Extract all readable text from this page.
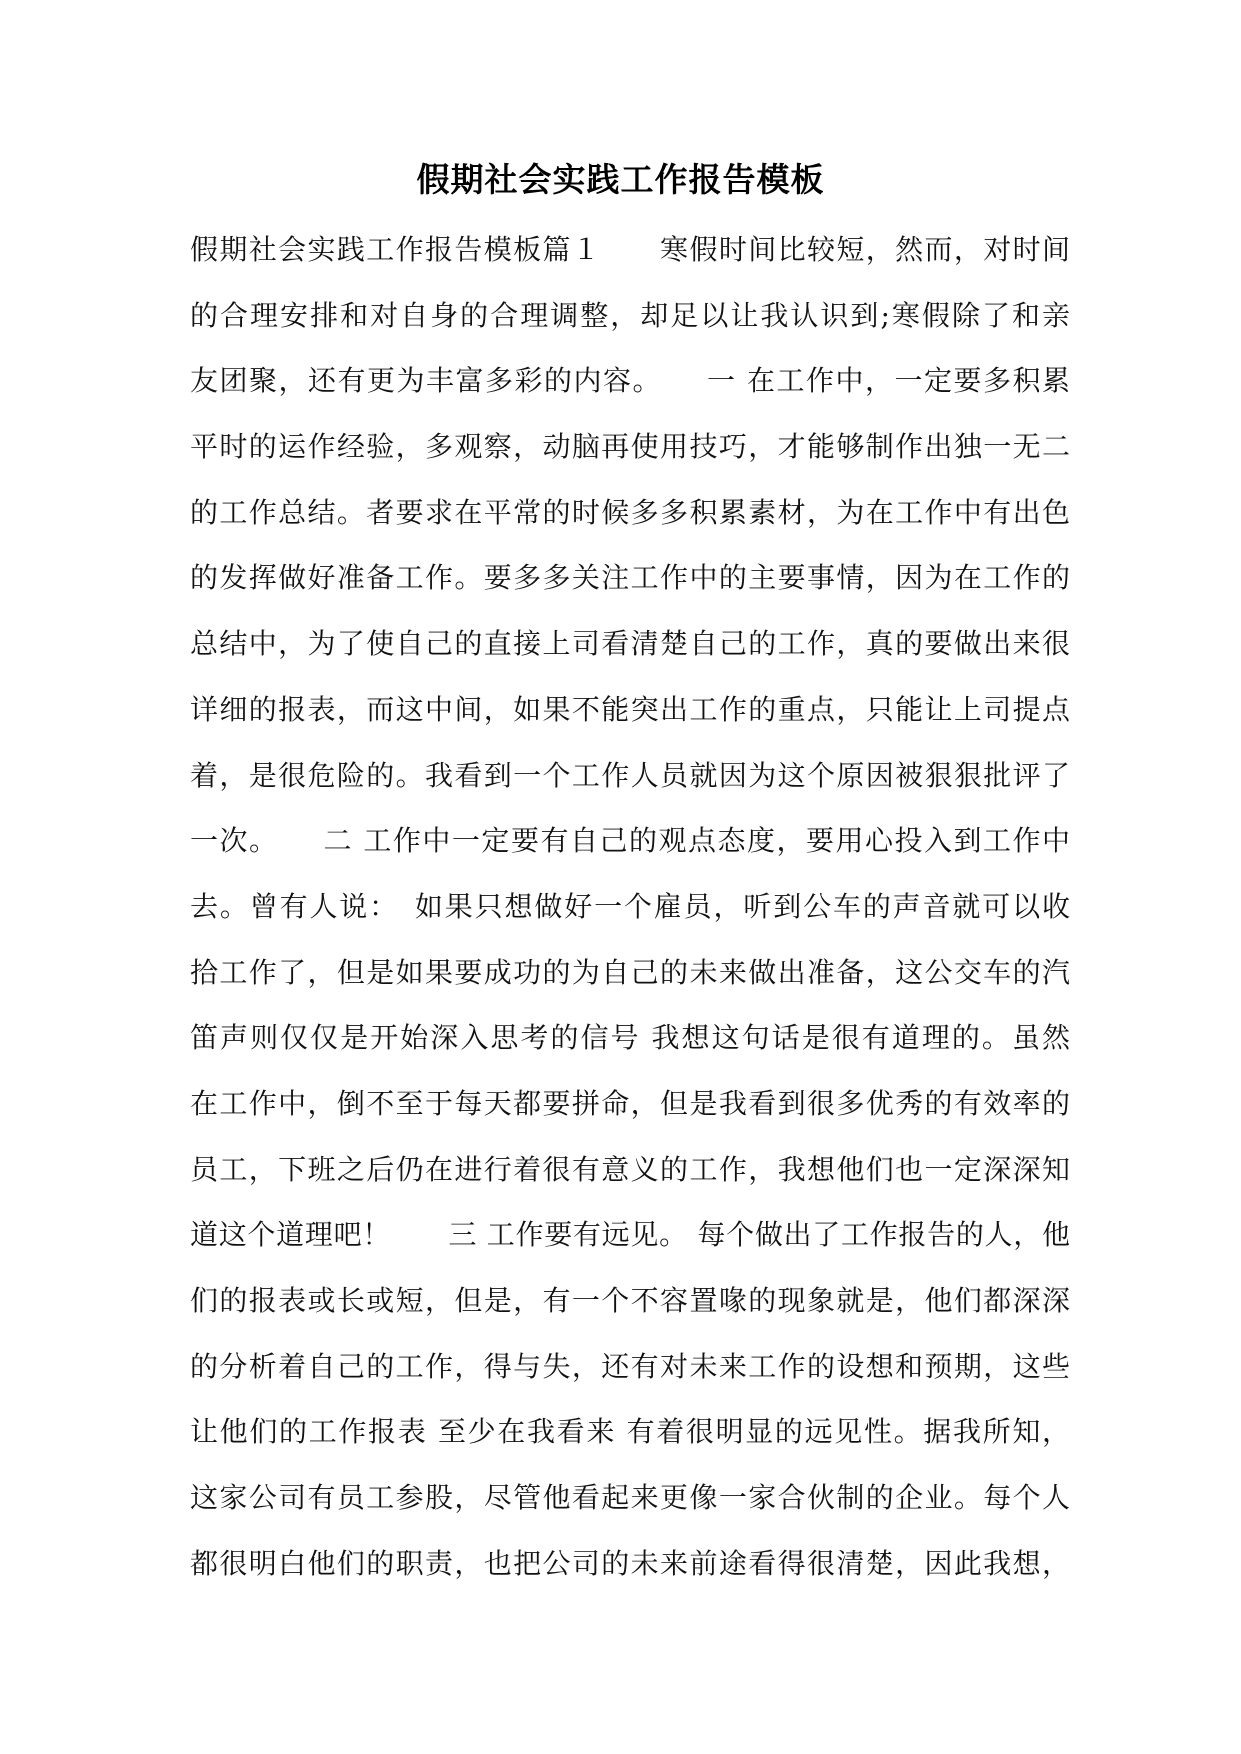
假期社会实践工作报告模板
假期社会实践工作报告模板篇１　　寒假时间比较短，然而，对时间
的合理安排和对自身的合理调整，却足以让我认识到;寒假除了和亲
友团聚，还有更为丰富多彩的内容。　　一 在工作中，一定要多积累
平时的运作经验，多观察，动脑再使用技巧，才能够制作出独一无二
的工作总结。者要求在平常的时候多多积累素材，为在工作中有出色
的发挥做好准备工作。要多多关注工作中的主要事情，因为在工作的
总结中，为了使自己的直接上司看清楚自己的工作，真的要做出来很
详细的报表，而这中间，如果不能突出工作的重点，只能让上司提点
着，是很危险的。我看到一个工作人员就因为这个原因被狠狠批评了
一次。　　二 工作中一定要有自己的观点态度，要用心投入到工作中
去。曾有人说：　如果只想做好一个雇员，听到公车的声音就可以收
拾工作了，但是如果要成功的为自己的未来做出准备，这公交车的汽
笛声则仅仅是开始深入思考的信号 我想这句话是很有道理的。虽然
在工作中，倒不至于每天都要拼命，但是我看到很多优秀的有效率的
员工，下班之后仍在进行着很有意义的工作，我想他们也一定深深知
道这个道理吧！　　三 工作要有远见。 每个做出了工作报告的人，他
们的报表或长或短，但是，有一个不容置喙的现象就是，他们都深深
的分析着自己的工作，得与失，还有对未来工作的设想和预期，这些
让他们的工作报表 至少在我看来 有着很明显的远见性。据我所知，
这家公司有员工参股，尽管他看起来更像一家合伙制的企业。每个人
都很明白他们的职责，也把公司的未来前途看得很清楚，因此我想，
